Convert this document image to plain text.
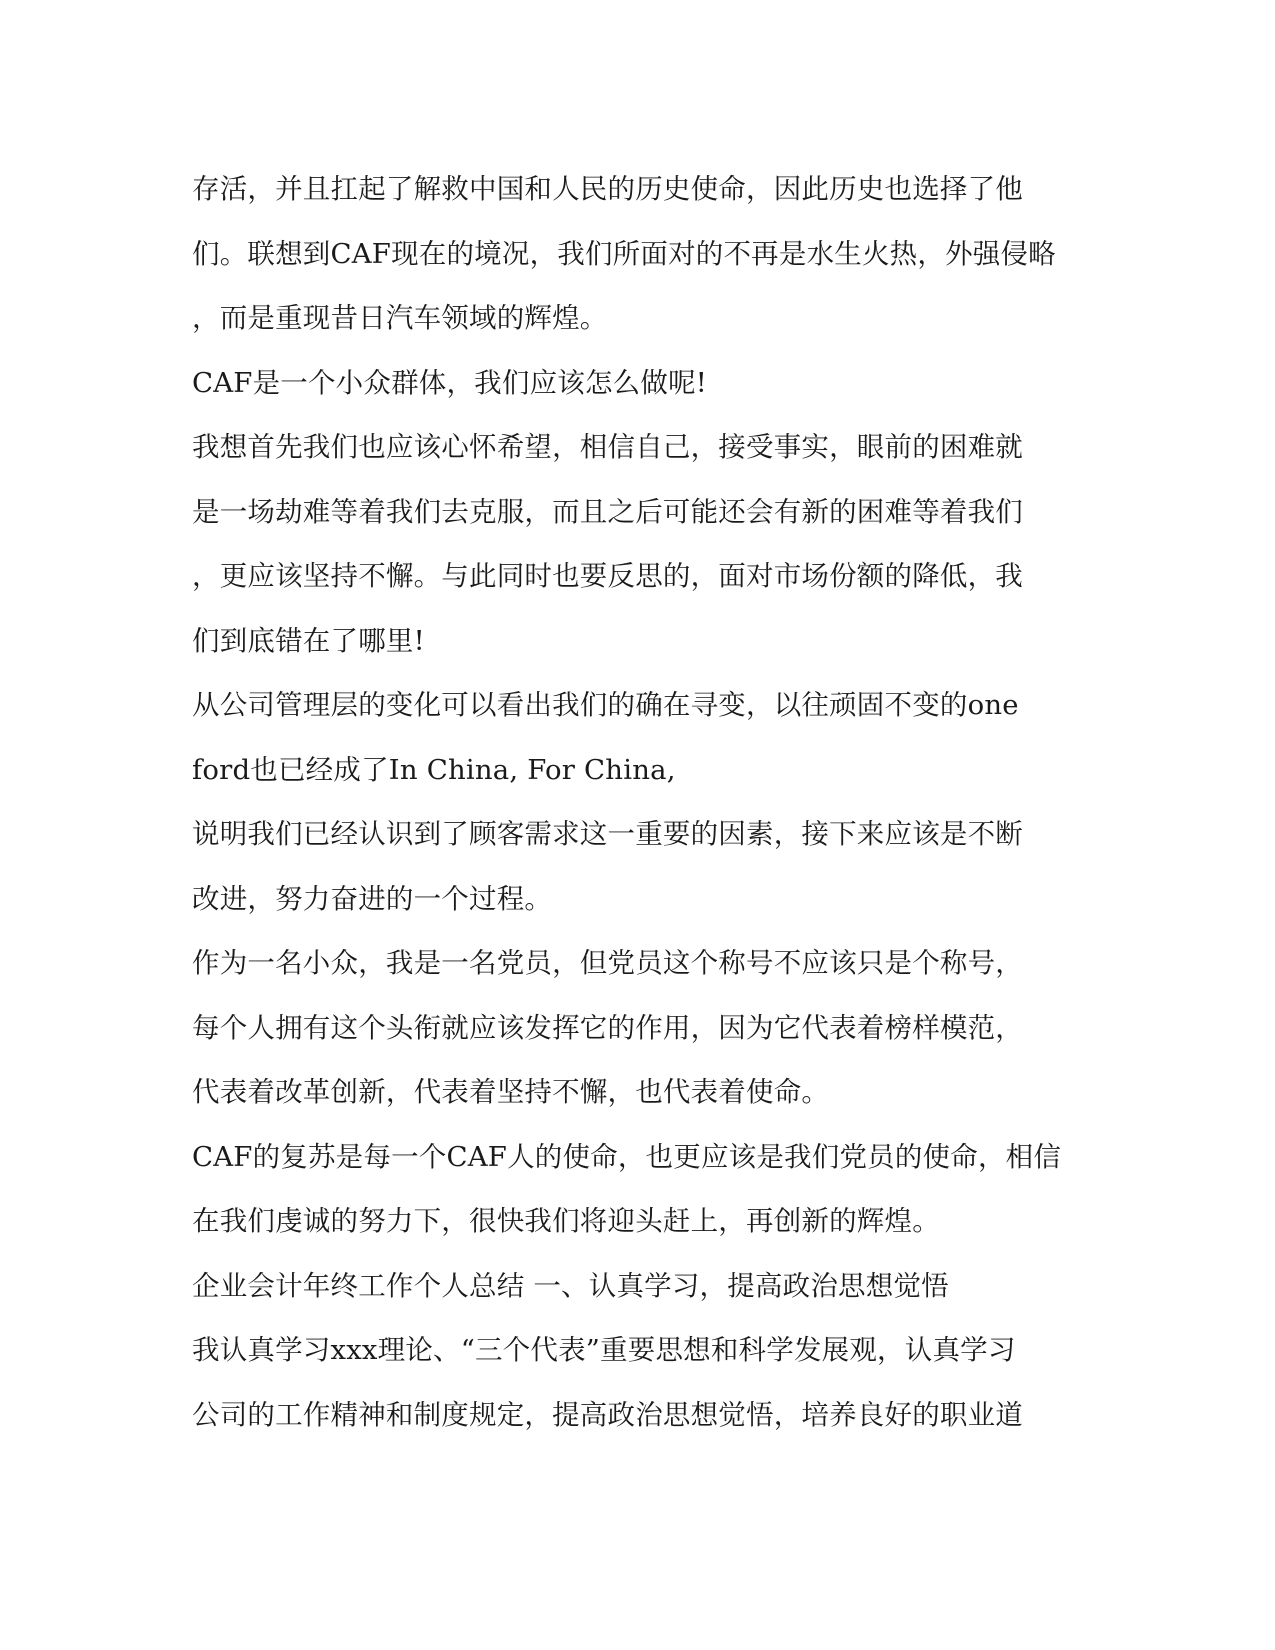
存活，并且扛起了解救中国和人民的历史使命，因此历史也选择了他
们。联想到CAF现在的境况，我们所面对的不再是水生火热，外强侵略
，而是重现昔日汽车领域的辉煌。
CAF是一个小众群体，我们应该怎么做呢!
我想首先我们也应该心怀希望，相信自己，接受事实，眼前的困难就
是一场劫难等着我们去克服，而且之后可能还会有新的困难等着我们
，更应该坚持不懈。与此同时也要反思的，面对市场份额的降低，我
们到底错在了哪里!
从公司管理层的变化可以看出我们的确在寻变，以往顽固不变的one
ford也已经成了In China, For China,
说明我们已经认识到了顾客需求这一重要的因素，接下来应该是不断
改进，努力奋进的一个过程。
作为一名小众，我是一名党员，但党员这个称号不应该只是个称号，
每个人拥有这个头衔就应该发挥它的作用，因为它代表着榜样模范，
代表着改革创新，代表着坚持不懈，也代表着使命。
CAF的复苏是每一个CAF人的使命，也更应该是我们党员的使命，相信
在我们虔诚的努力下，很快我们将迎头赶上，再创新的辉煌。
企业会计年终工作个人总结 一、认真学习，提高政治思想觉悟
我认真学习xxx理论、“三个代表”重要思想和科学发展观，认真学习
公司的工作精神和制度规定，提高政治思想觉悟，培养良好的职业道
